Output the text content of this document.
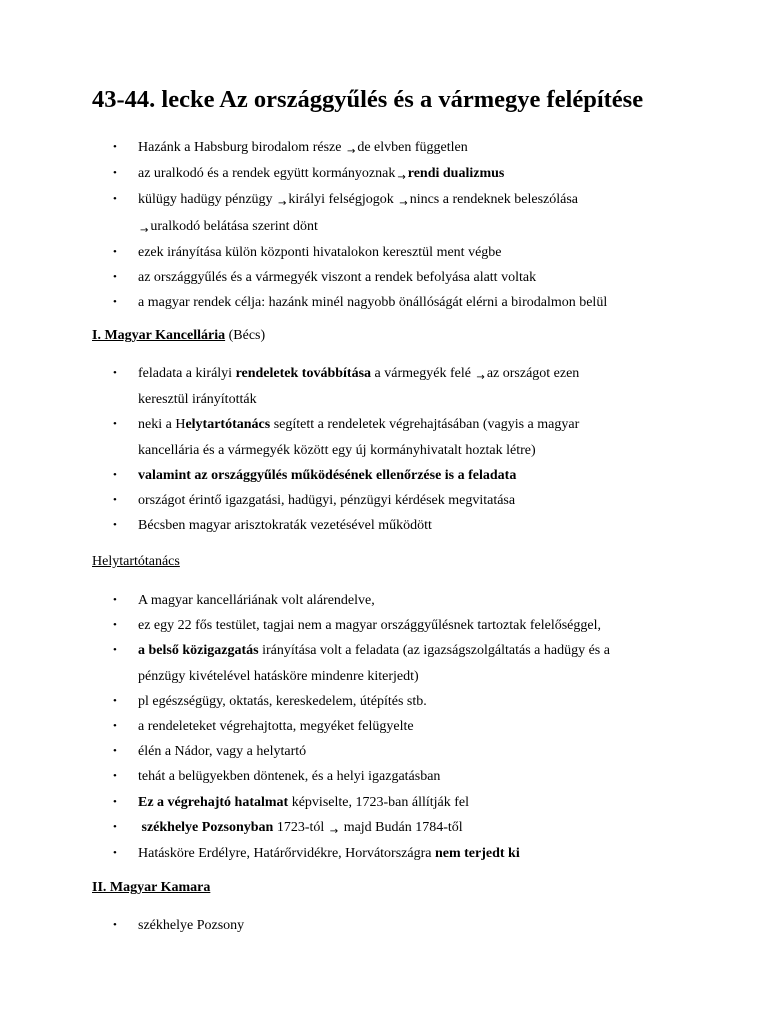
43-44. lecke Az országgyűlés és a vármegye felépítése
• Hazánk a Habsburg birodalom része $_\to$ de elvben független
• az uralkodó és a rendek együtt kormányoznak $_\to$ rendi dualizmus
• külügy hadügy pénzügy $_\to$ királyi felségjogok $_\to$ nincs a rendeknek beleszólása
$_\to$ uralkodó belátása szerint dönt
• ezek irányítása külön központi hivatalokon keresztül ment végbe
• az országgyűlés és a vármegyék viszont a rendek befolyása alatt voltak
• a magyar rendek célja: hazánk minél nagyobb önállóságát elérni a birodalmon belül

I. Magyar Kancellária (Bécs)

• feladata a királyi rendeletek továbbítása a vármegyék felé $_\to$ az országot ezen
keresztül irányították
• neki a Helytartótanács segített a rendeletek végrehajtásában (vagyis a magyar
kancellária és a vármegyék között egy új kormányhivatalt hoztak létre)
• valamint az országgyűlés működésének ellenőrzése is a feladata
• országot érintő igazgatási, hadügyi, pénzügyi kérdések megvitatása
• Bécsben magyar arisztokraták vezetésével működött

Helytartótanács

• A magyar kancelláriának volt alárendelve,
• ez egy 22 fős testület, tagjai nem a magyar országgyűlésnek tartoztak felelőséggel,
• a belső közigazgatás irányítása volt a feladata (az igazságszolgáltatás a hadügy és a
pénzügy kivételével hatásköre mindenre kiterjedt)
• pl egészségügy, oktatás, kereskedelem, útépítés stb.
• a rendeleteket végrehajtotta, megyéket felügyelte
• élén a Nádor, vagy a helytartó
• tehát a belügyekben döntenek, és a helyi igazgatásban
• Ez a végrehajtó hatalmat képviselte, 1723-ban állítják fel
• székhelye Pozsonyban 1723-tól $_\to$ majd Budán 1784-től
• Hatásköre Erdélyre, Határőrvidékre, Horvátországra nem terjedt ki

II. Magyar Kamara

• székhelye Pozsony
